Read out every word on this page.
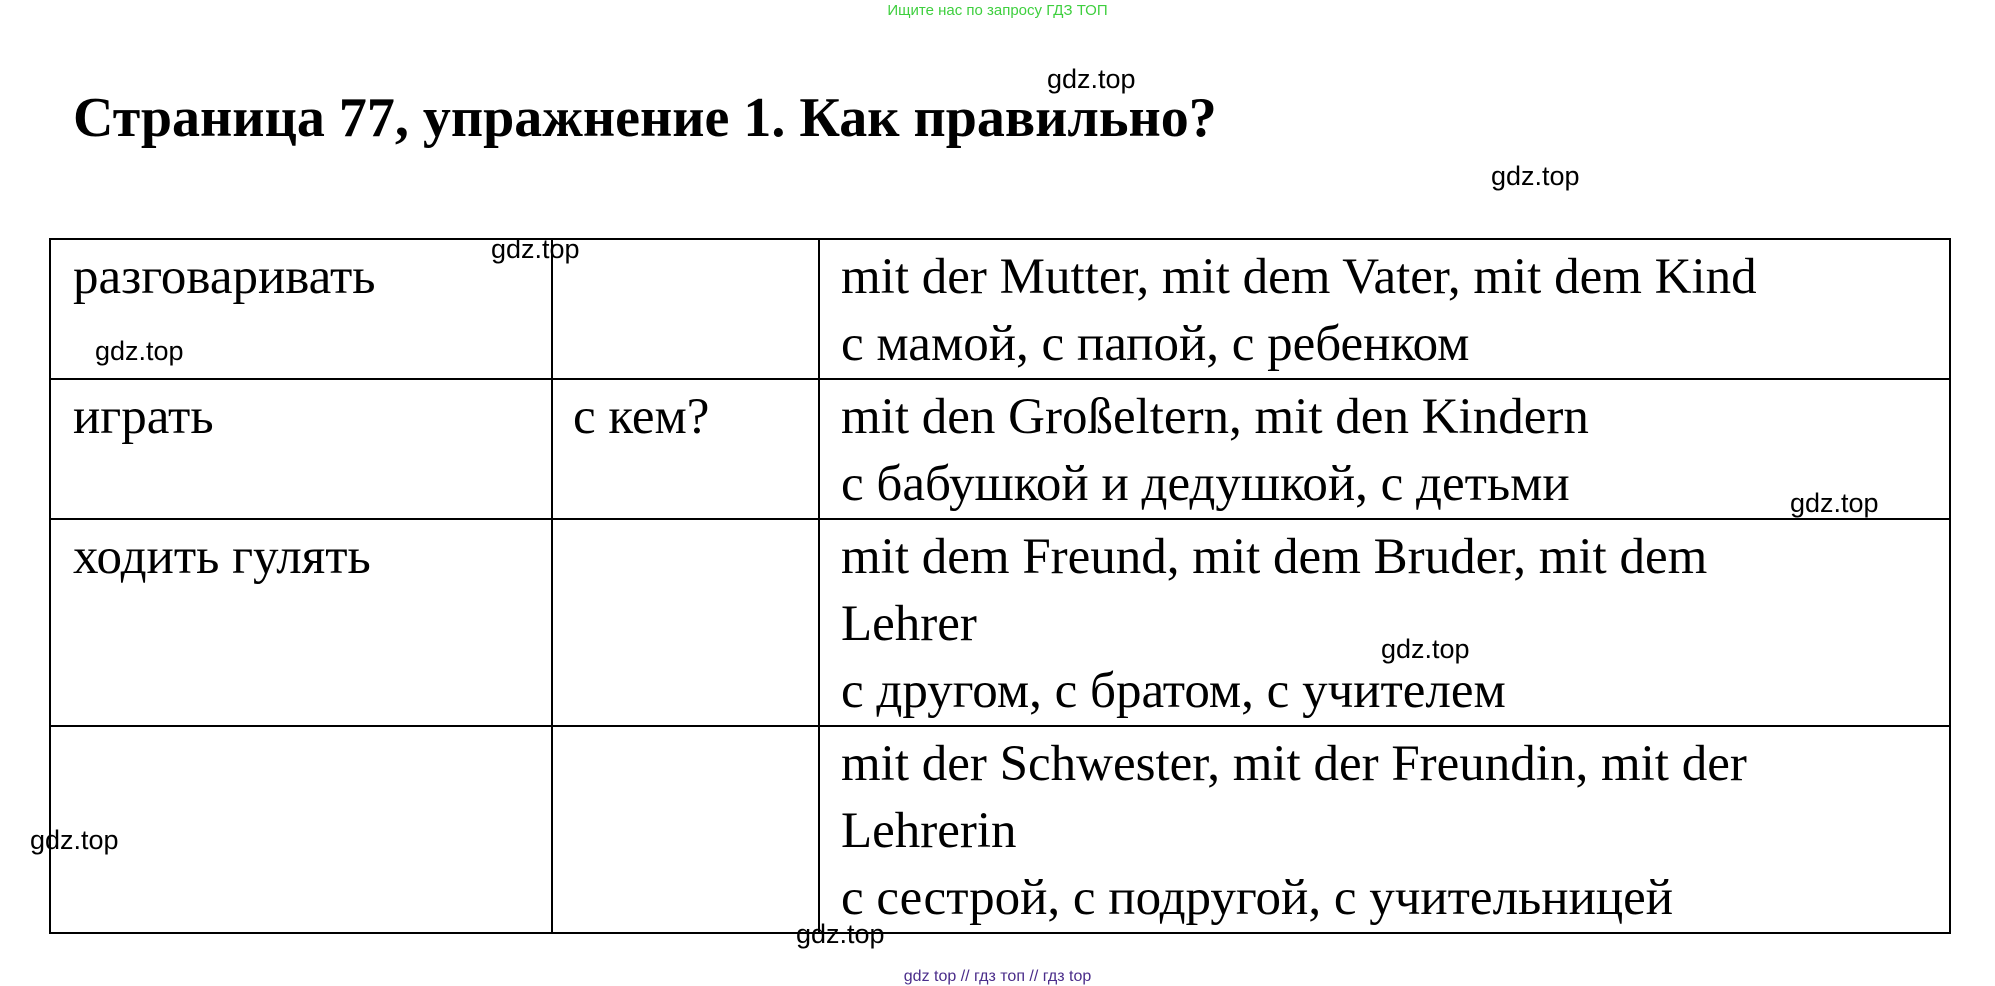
Ищите нас по запросу ГДЗ ТОП
Страница 77, упражнение 1. Как правильно?
разговаривать		mit der Mutter, mit dem Vater, mit dem Kind
с мамой, с папой, с ребенком

играть	с кем?	mit den Großeltern, mit den Kindern
с бабушкой и дедушкой, с детьми

ходить гулять		mit dem Freund, mit dem Bruder, mit dem
Lehrer
с другом, с братом, с учителем

		mit der Schwester, mit der Freundin, mit der
Lehrerin
с сестрой, с подругой, с учительницей
gdz.top
gdz.top
gdz.top
gdz.top
gdz.top
gdz.top
gdz.top
gdz.top
gdz top // гдз топ // гдз top
